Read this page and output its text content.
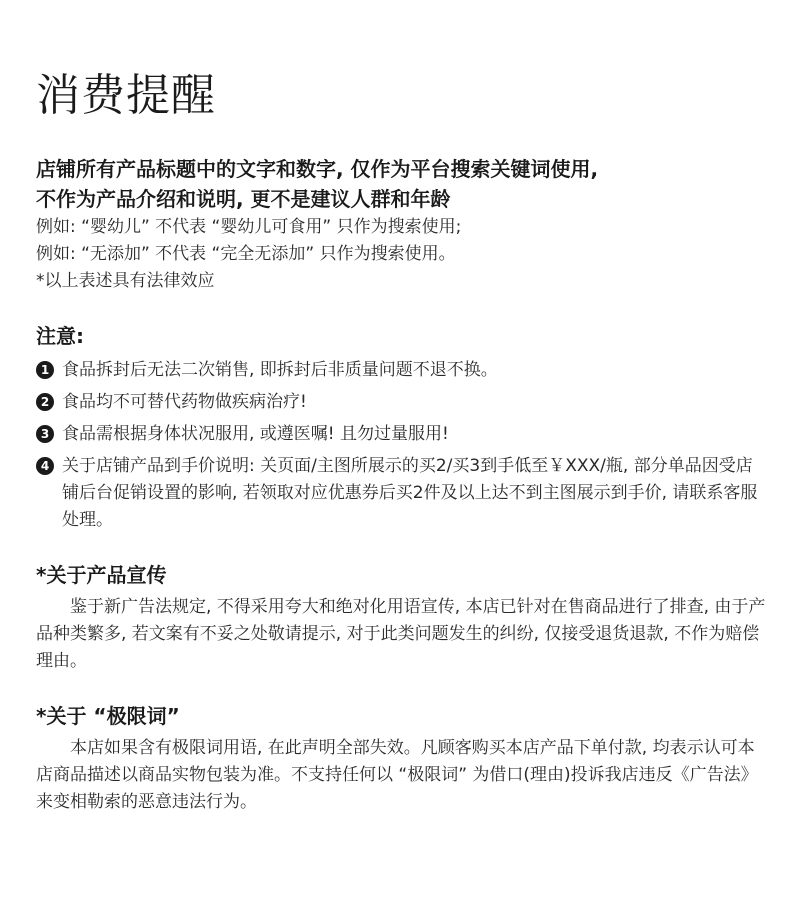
消费提醒

店铺所有产品标题中的文字和数字, 仅作为平台搜索关键词使用,

不作为产品介绍和说明, 更不是建议人群和年龄

例如: “婴幼儿” 不代表 “婴幼儿可食用” 只作为搜索使用;

例如: “无添加” 不代表 “完全无添加” 只作为搜索使用。

*以上表述具有法律效应

注意:

1 食品拆封后无法二次销售, 即拆封后非质量问题不退不换。
2 食品均不可替代药物做疾病治疗!
3 食品需根据身体状况服用, 或遵医嘱! 且勿过量服用!
4 关于店铺产品到手价说明: 关页面/主图所展示的买2/买3到手低至￥XXX/瓶, 部分单品因受店铺后台促销设置的影响, 若领取对应优惠券后买2件及以上达不到主图展示到手价, 请联系客服处理。

*关于产品宣传

鉴于新广告法规定, 不得采用夸大和绝对化用语宣传, 本店已针对在售商品进行了排查, 由于产品种类繁多, 若文案有不妥之处敬请提示, 对于此类问题发生的纠纷, 仅接受退货退款, 不作为赔偿理由。

*关于 “极限词”

本店如果含有极限词用语, 在此声明全部失效。凡顾客购买本店产品下单付款, 均表示认可本店商品描述以商品实物包装为准。不支持任何以 “极限词” 为借口(理由)投诉我店违反《广告法》来变相勒索的恶意违法行为。
